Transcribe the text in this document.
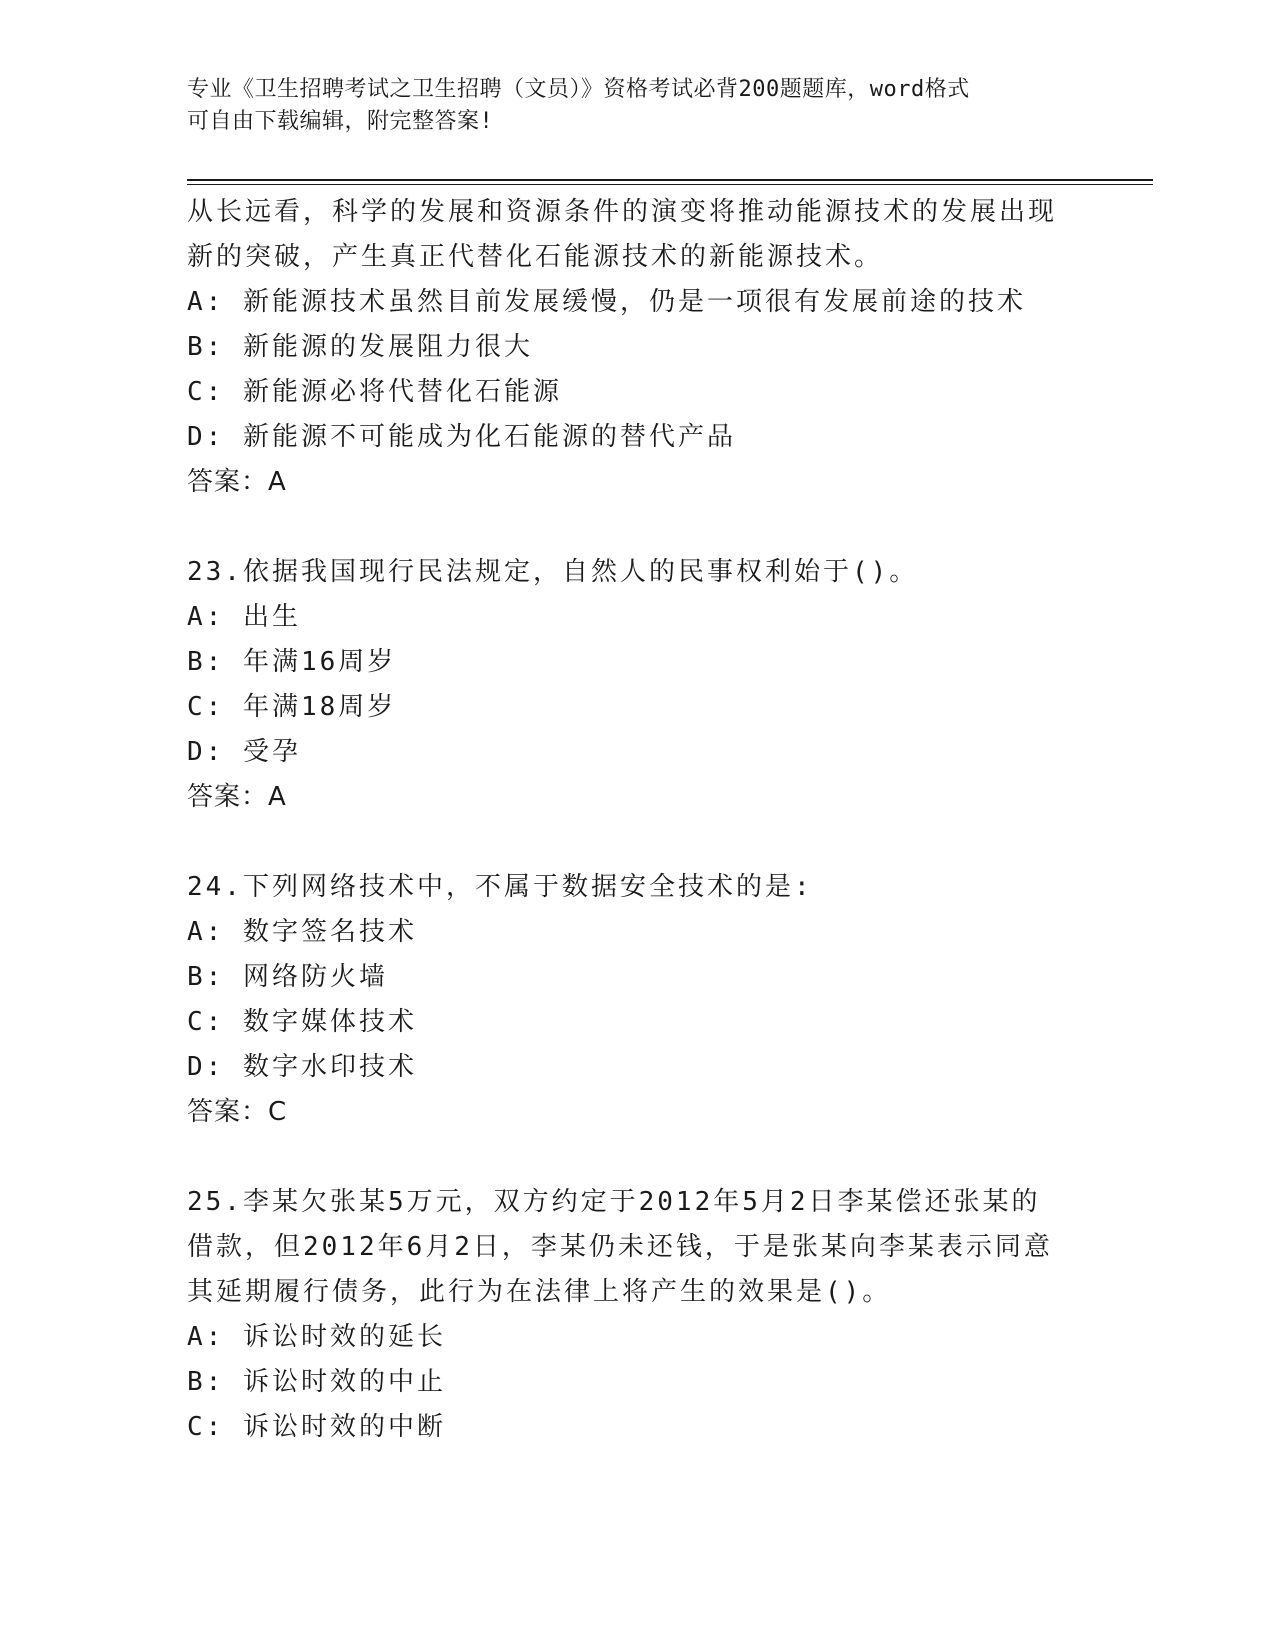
专业《卫生招聘考试之卫生招聘（文员）》资格考试必背200题题库，word格式
可自由下载编辑，附完整答案!
从长远看，科学的发展和资源条件的演变将推动能源技术的发展出现
新的突破，产生真正代替化石能源技术的新能源技术。
A: 新能源技术虽然目前发展缓慢，仍是一项很有发展前途的技术
B: 新能源的发展阻力很大
C: 新能源必将代替化石能源
D: 新能源不可能成为化石能源的替代产品
答案：A
23.依据我国现行民法规定，自然人的民事权利始于()。
A: 出生
B: 年满16周岁
C: 年满18周岁
D: 受孕
答案：A
24.下列网络技术中，不属于数据安全技术的是:
A: 数字签名技术
B: 网络防火墙
C: 数字媒体技术
D: 数字水印技术
答案：C
25.李某欠张某5万元，双方约定于2012年5月2日李某偿还张某的
借款，但2012年6月2日，李某仍未还钱，于是张某向李某表示同意
其延期履行债务，此行为在法律上将产生的效果是()。
A: 诉讼时效的延长
B: 诉讼时效的中止
C: 诉讼时效的中断
